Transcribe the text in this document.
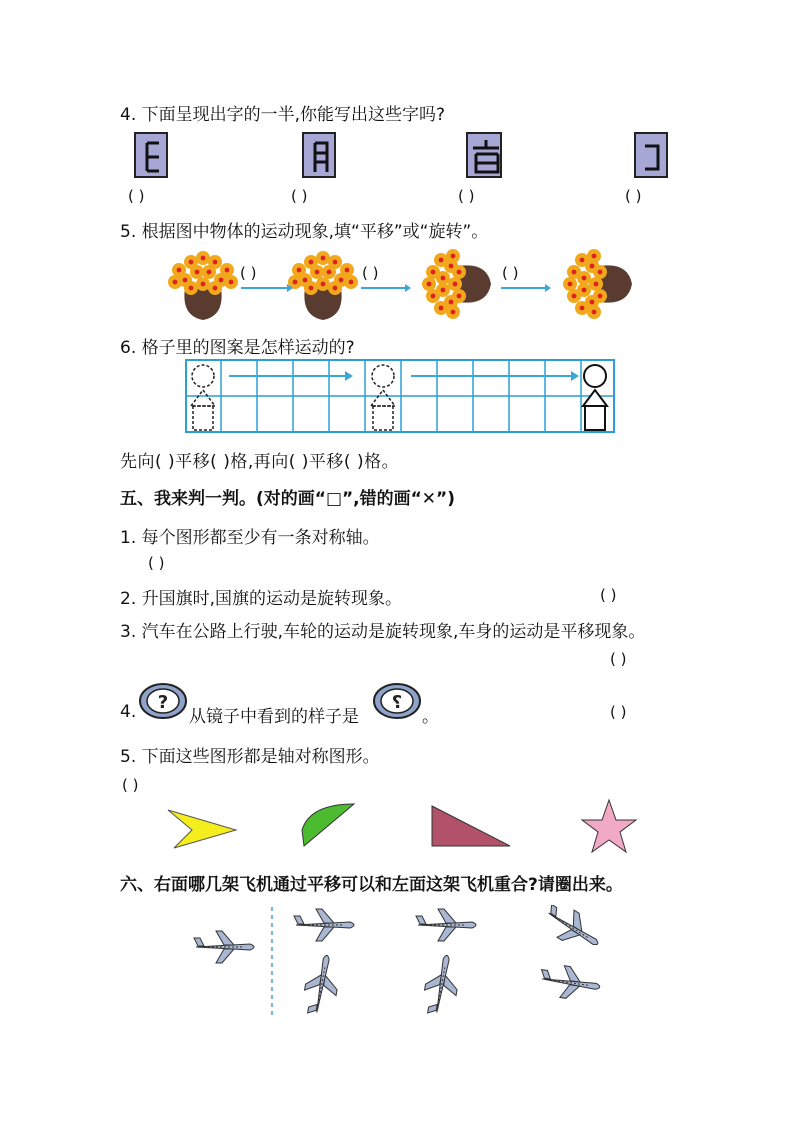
4. 下面呈现出字的一半,你能写出这些字吗?
( )	( )	( )	( )
5. 根据图中物体的运动现象,填“平移”或“旋转”。
( )	( )	( )
6. 格子里的图案是怎样运动的?
先向( )平移( )格,再向( )平移( )格。
五、我来判一判。(对的画“□”,错的画“✕”)
1. 每个图形都至少有一条对称轴。
( )
2. 升国旗时,国旗的运动是旋转现象。	( )
3. 汽车在公路上行驶,车轮的运动是旋转现象,车身的运动是平移现象。
( )
4. ?
从镜子中看到的样子是
?
。	( )
5. 下面这些图形都是轴对称图形。
( )
六、右面哪几架飞机通过平移可以和左面这架飞机重合?请圈出来。
